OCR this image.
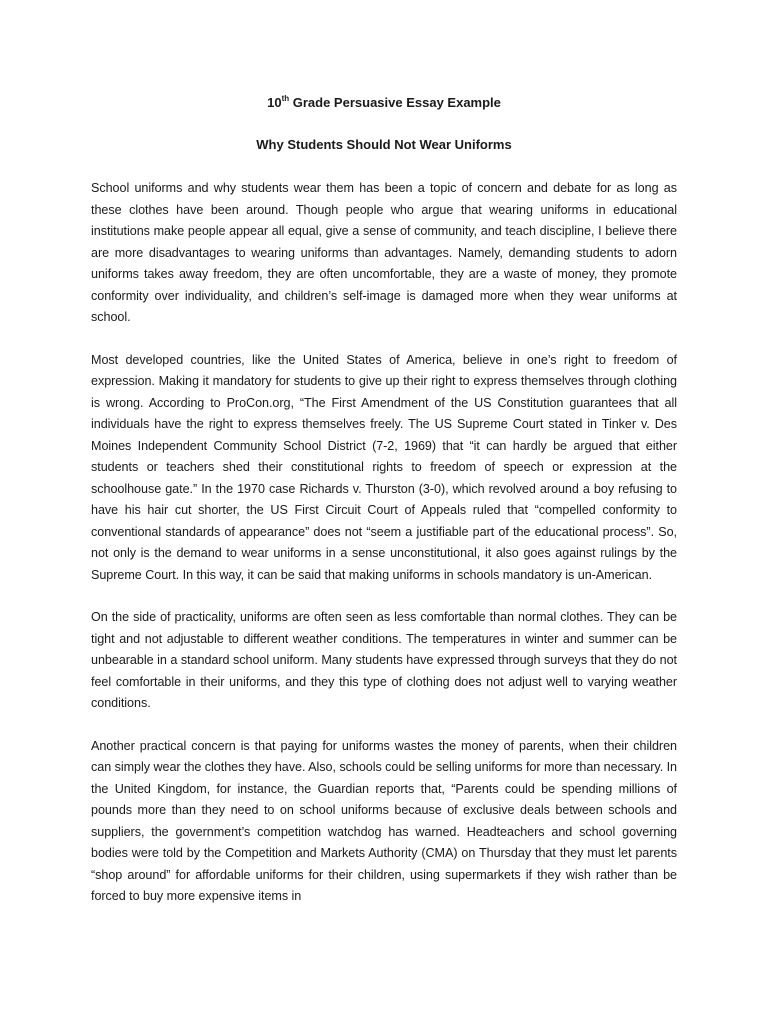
10th Grade Persuasive Essay Example
Why Students Should Not Wear Uniforms

School uniforms and why students wear them has been a topic of concern and debate for as long as these clothes have been around. Though people who argue that wearing uniforms in educational institutions make people appear all equal, give a sense of community, and teach discipline, I believe there are more disadvantages to wearing uniforms than advantages. Namely, demanding students to adorn uniforms takes away freedom, they are often uncomfortable, they are a waste of money, they promote conformity over individuality, and children’s self-image is damaged more when they wear uniforms at school.

Most developed countries, like the United States of America, believe in one’s right to freedom of expression. Making it mandatory for students to give up their right to express themselves through clothing is wrong. According to ProCon.org, “The First Amendment of the US Constitution guarantees that all individuals have the right to express themselves freely. The US Supreme Court stated in Tinker v. Des Moines Independent Community School District (7-2, 1969) that “it can hardly be argued that either students or teachers shed their constitutional rights to freedom of speech or expression at the schoolhouse gate.” In the 1970 case Richards v. Thurston (3-0), which revolved around a boy refusing to have his hair cut shorter, the US First Circuit Court of Appeals ruled that “compelled conformity to conventional standards of appearance” does not “seem a justifiable part of the educational process”. So, not only is the demand to wear uniforms in a sense unconstitutional, it also goes against rulings by the Supreme Court. In this way, it can be said that making uniforms in schools mandatory is un-American.

On the side of practicality, uniforms are often seen as less comfortable than normal clothes. They can be tight and not adjustable to different weather conditions. The temperatures in winter and summer can be unbearable in a standard school uniform. Many students have expressed through surveys that they do not feel comfortable in their uniforms, and they this type of clothing does not adjust well to varying weather conditions.

Another practical concern is that paying for uniforms wastes the money of parents, when their children can simply wear the clothes they have. Also, schools could be selling uniforms for more than necessary. In the United Kingdom, for instance, the Guardian reports that, “Parents could be spending millions of pounds more than they need to on school uniforms because of exclusive deals between schools and suppliers, the government’s competition watchdog has warned. Headteachers and school governing bodies were told by the Competition and Markets Authority (CMA) on Thursday that they must let parents “shop around” for affordable uniforms for their children, using supermarkets if they wish rather than be forced to buy more expensive items in
